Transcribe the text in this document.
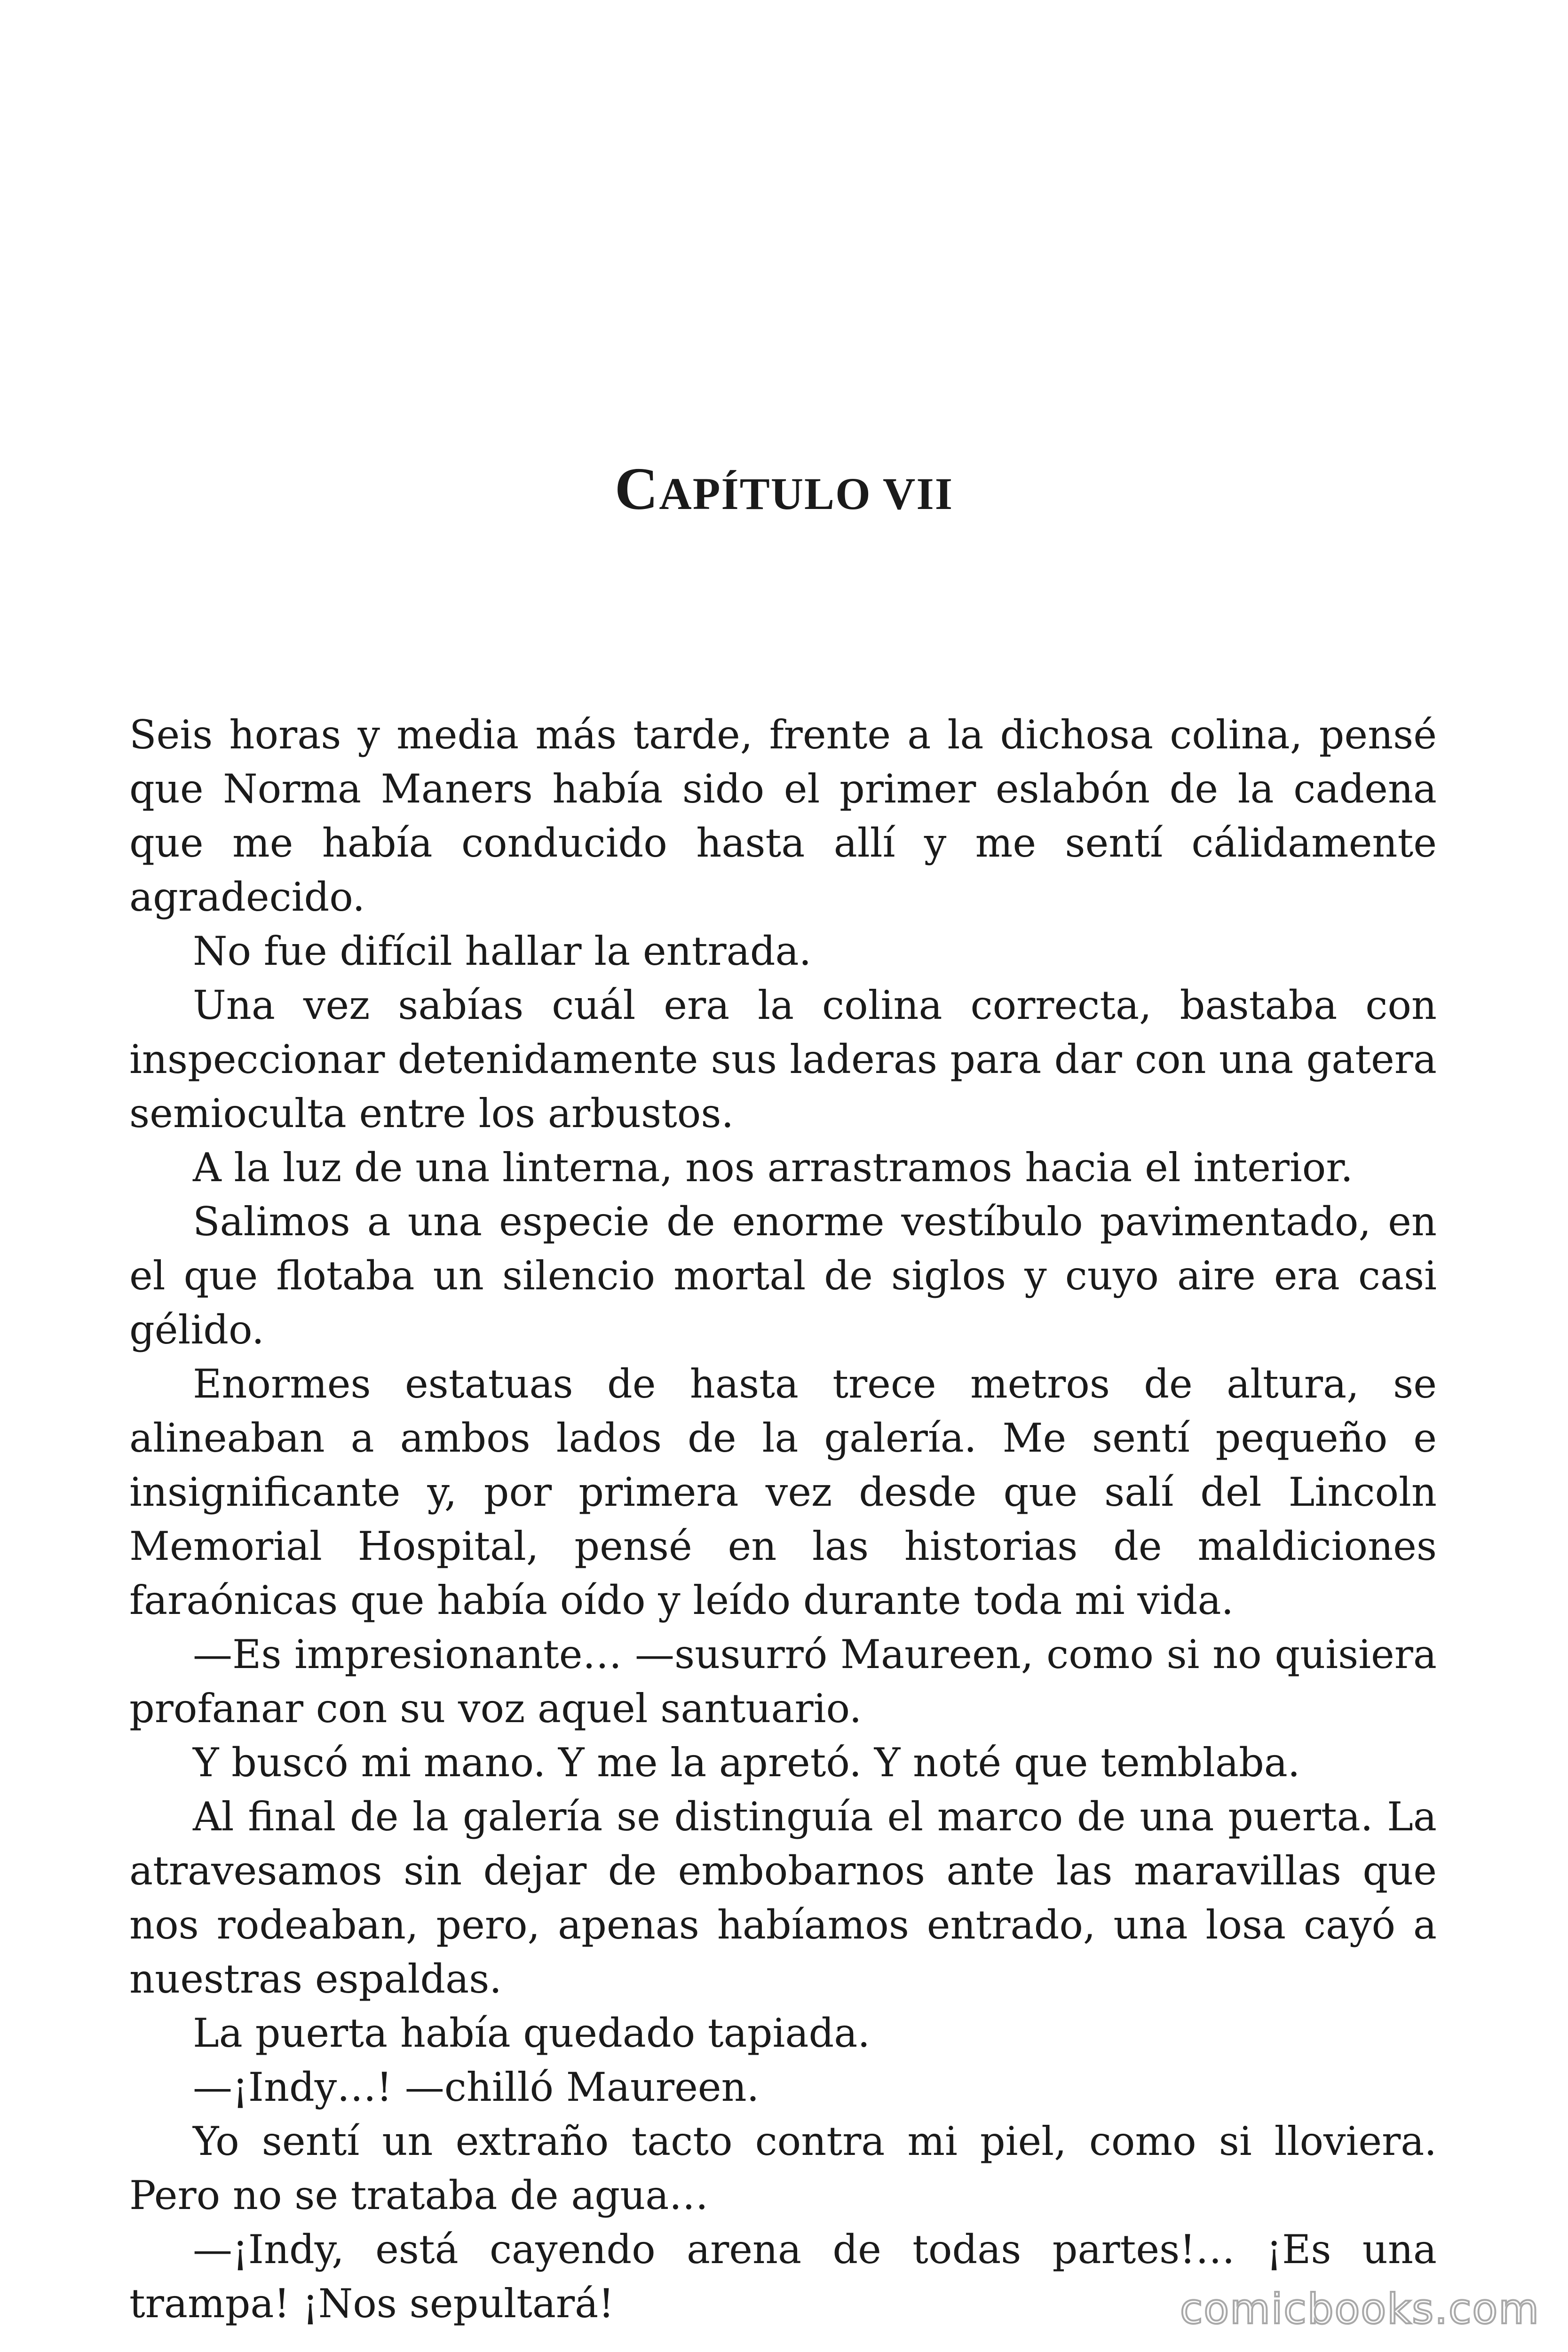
CAPÍTULO VII

Seis horas y media más tarde, frente a la dichosa colina, pensé que Norma Maners había sido el primer eslabón de la cadena que me había conducido hasta allí y me sentí cálidamente agradecido.

No fue difícil hallar la entrada.

Una vez sabías cuál era la colina correcta, bastaba con inspeccionar detenidamente sus laderas para dar con una gatera semioculta entre los arbustos.

A la luz de una linterna, nos arrastramos hacia el interior.

Salimos a una especie de enorme vestíbulo pavimentado, en el que flotaba un silencio mortal de siglos y cuyo aire era casi gélido.

Enormes estatuas de hasta trece metros de altura, se alineaban a ambos lados de la galería. Me sentí pequeño e insignificante y, por primera vez desde que salí del Lincoln Memorial Hospital, pensé en las historias de maldiciones faraónicas que había oído y leído durante toda mi vida.

—Es impresionante… —susurró Maureen, como si no quisiera profanar con su voz aquel santuario.

Y buscó mi mano. Y me la apretó. Y noté que temblaba.

Al final de la galería se distinguía el marco de una puerta. La atravesamos sin dejar de embobarnos ante las maravillas que nos rodeaban, pero, apenas habíamos entrado, una losa cayó a nuestras espaldas.

La puerta había quedado tapiada.

—¡Indy…! —chilló Maureen.

Yo sentí un extraño tacto contra mi piel, como si lloviera. Pero no se trataba de agua…

—¡Indy, está cayendo arena de todas partes!… ¡Es una trampa! ¡Nos sepultará!	comicbooks.com
